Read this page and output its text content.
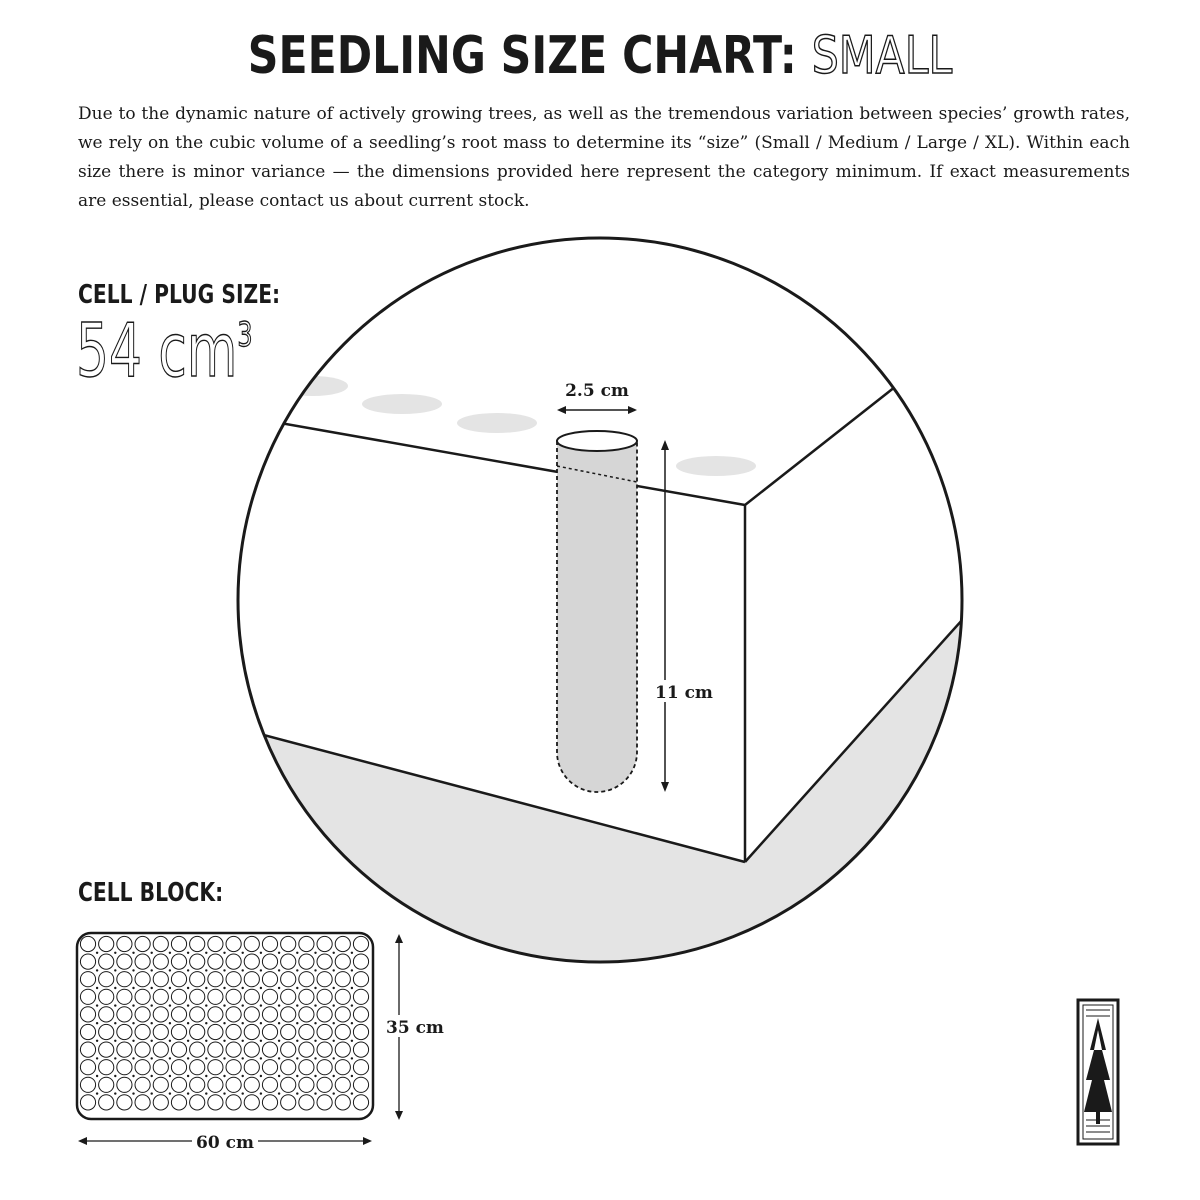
SEEDLING SIZE CHART: SMALL

Due to the dynamic nature of actively growing trees, as well as the tremendous variation between species’ growth rates, we rely on the cubic volume of a seedling’s root mass to determine its “size” (Small / Medium / Large / XL). Within each size there is minor variance — the dimensions provided here represent the category minimum. If exact measurements are essential, please contact us about current stock.

CELL / PLUG SIZE:
54 $cm^3$
CELL BLOCK:
2.5 cm
11 cm
35 cm
60 cm
